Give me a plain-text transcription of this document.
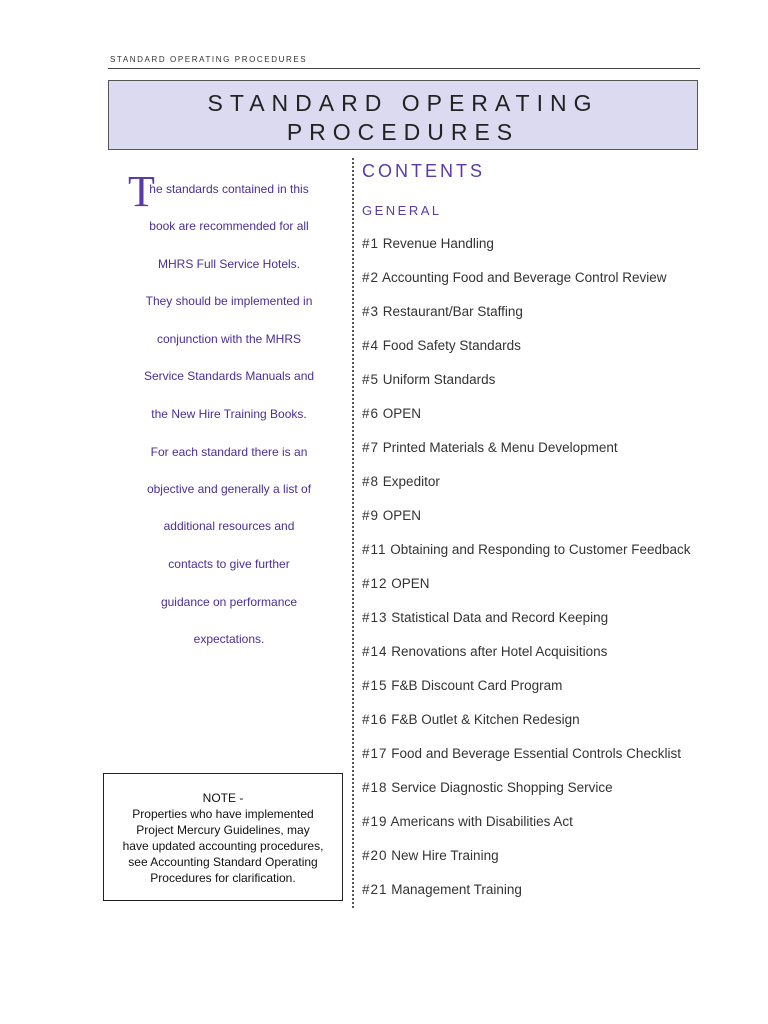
STANDARD OPERATING PROCEDURES
STANDARD OPERATING
PROCEDURES
T
he standards contained in this
book are recommended for all
MHRS Full Service Hotels.
They should be implemented in
conjunction with the MHRS
Service Standards Manuals and
the New Hire Training Books.
For each standard there is an
objective and generally a list of
additional resources and
contacts to give further
guidance on performance
expectations.
CONTENTS
GENERAL
#1 Revenue Handling
#2 Accounting Food and Beverage Control Review
#3 Restaurant/Bar Staffing
#4 Food Safety Standards
#5 Uniform Standards
#6 OPEN
#7 Printed Materials & Menu Development
#8 Expeditor
#9 OPEN
#11 Obtaining and Responding to Customer Feedback
#12 OPEN
#13 Statistical Data and Record Keeping
#14 Renovations after Hotel Acquisitions
#15 F&B Discount Card Program
#16 F&B Outlet & Kitchen Redesign
#17 Food and Beverage Essential Controls Checklist
#18 Service Diagnostic Shopping Service
#19 Americans with Disabilities Act
#20 New Hire Training
#21 Management Training
NOTE -
Properties who have implemented
Project Mercury Guidelines, may
have updated accounting procedures,
see Accounting Standard Operating
Procedures for clarification.
